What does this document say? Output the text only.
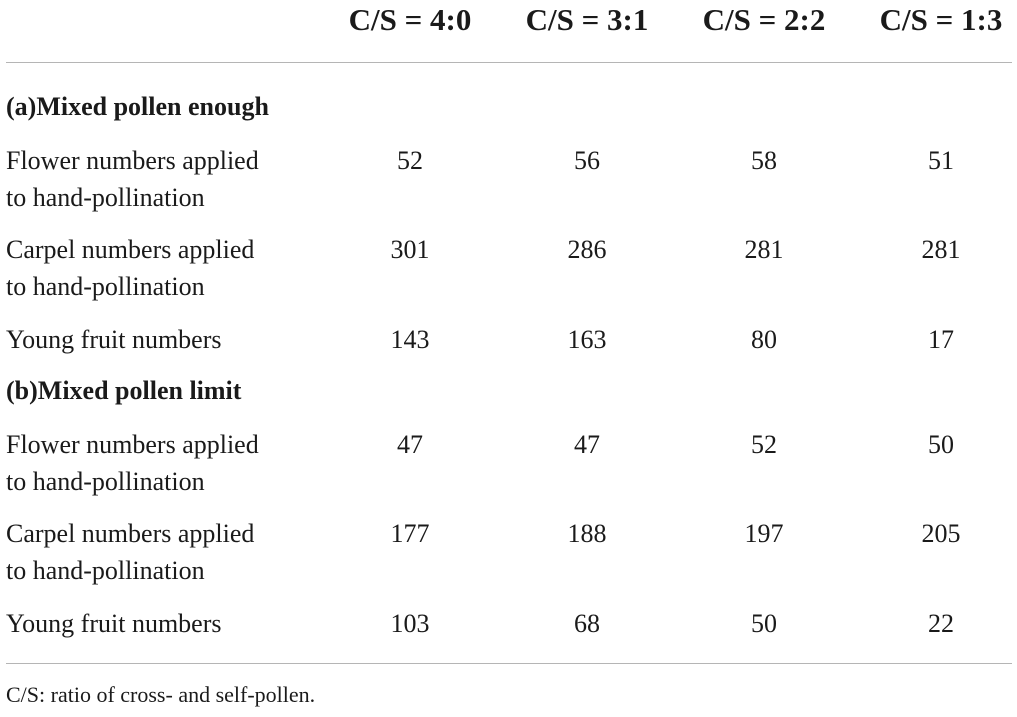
C/S = 4:0	C/S = 3:1	C/S = 2:2	C/S = 1:3
(a)Mixed pollen enough
Flower numbers applied
to hand-pollination
52	56	58	51
Carpel numbers applied
to hand-pollination
301	286	281	281
Young fruit numbers	143	163	80	17
(b)Mixed pollen limit
Flower numbers applied
to hand-pollination
47	47	52	50
Carpel numbers applied
to hand-pollination
177	188	197	205
Young fruit numbers	103	68	50	22
C/S: ratio of cross- and self-pollen.
